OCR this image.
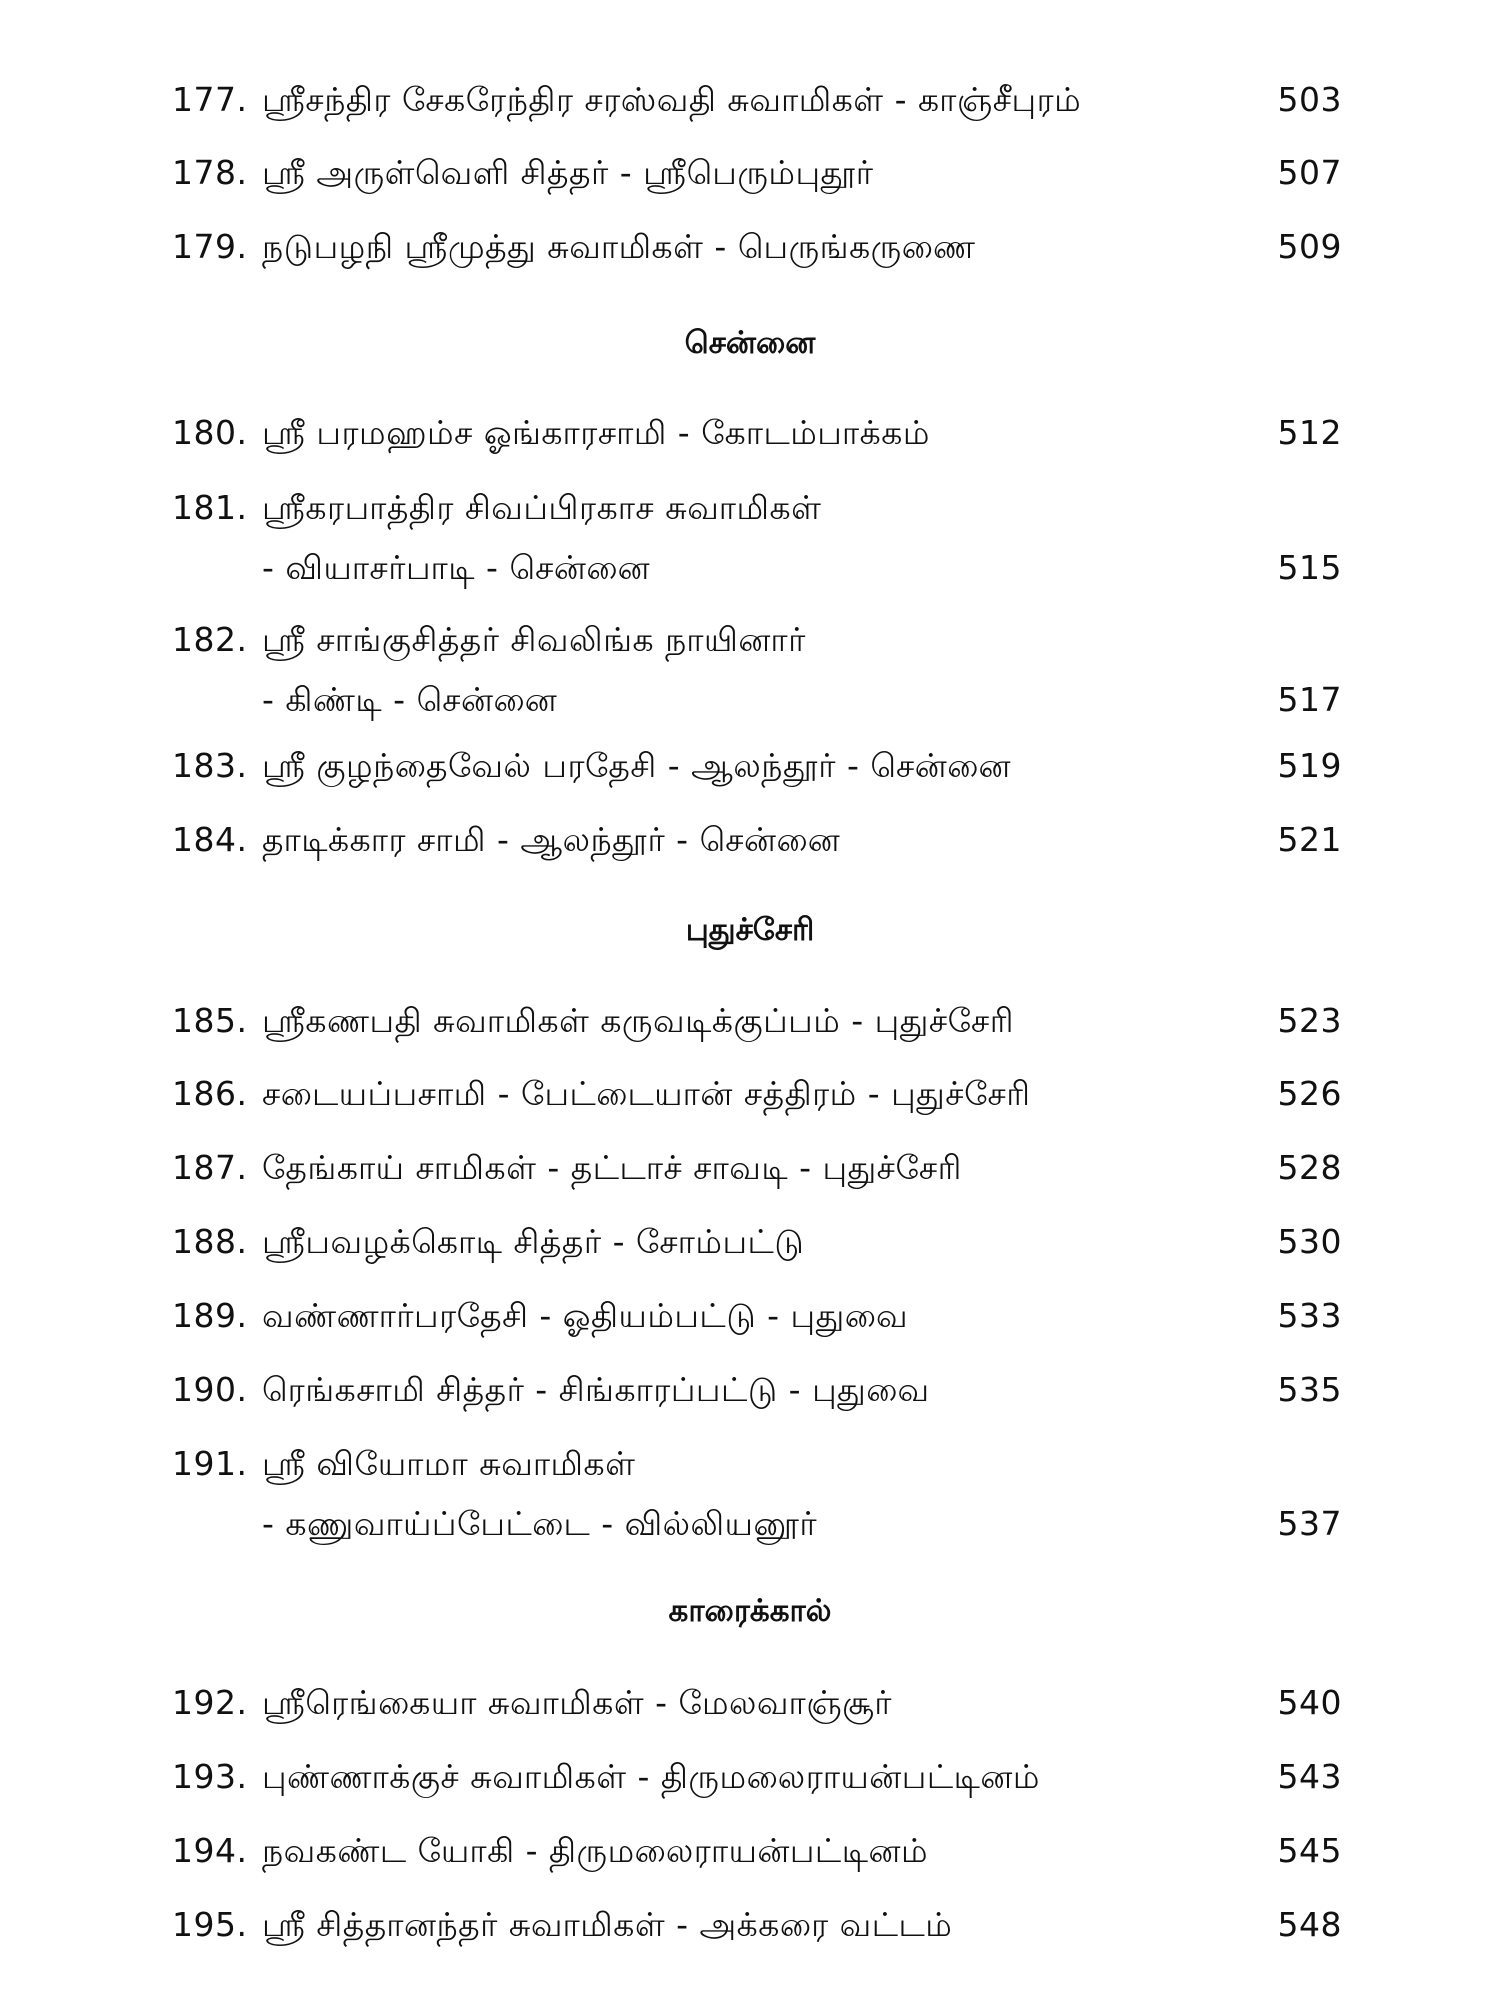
177. ஸ்ரீசந்திர சேகரேந்திர சரஸ்வதி சுவாமிகள் - காஞ்சீபுரம்	503
178. ஸ்ரீ அருள்வெளி சித்தர் - ஸ்ரீபெரும்புதூர்	507
179. நடுபழநி ஸ்ரீமுத்து சுவாமிகள் - பெருங்கருணை	509
சென்னை
180. ஸ்ரீ பரமஹம்ச ஓங்காரசாமி - கோடம்பாக்கம்	512
181. ஸ்ரீகரபாத்திர சிவப்பிரகாச சுவாமிகள்
- வியாசர்பாடி - சென்னை	515
182. ஸ்ரீ சாங்குசித்தர் சிவலிங்க நாயினார்
- கிண்டி - சென்னை	517
183. ஸ்ரீ குழந்தைவேல் பரதேசி - ஆலந்தூர் - சென்னை	519
184. தாடிக்கார சாமி - ஆலந்தூர் - சென்னை	521
புதுச்சேரி
185. ஸ்ரீகணபதி சுவாமிகள் கருவடிக்குப்பம் - புதுச்சேரி	523
186. சடையப்பசாமி - பேட்டையான் சத்திரம் - புதுச்சேரி	526
187. தேங்காய் சாமிகள் - தட்டாச் சாவடி - புதுச்சேரி	528
188. ஸ்ரீபவழக்கொடி சித்தர் - சோம்பட்டு	530
189. வண்ணார்பரதேசி - ஓதியம்பட்டு - புதுவை	533
190. ரெங்கசாமி சித்தர் - சிங்காரப்பட்டு - புதுவை	535
191. ஸ்ரீ வியோமா சுவாமிகள்
- கணுவாய்ப்பேட்டை - வில்லியனூர்	537
காரைக்கால்
192. ஸ்ரீரெங்கையா சுவாமிகள் - மேலவாஞ்சூர்	540
193. புண்ணாக்குச் சுவாமிகள் - திருமலைராயன்பட்டினம்	543
194. நவகண்ட யோகி - திருமலைராயன்பட்டினம்	545
195. ஸ்ரீ சித்தானந்தர் சுவாமிகள் - அக்கரை வட்டம்	548
